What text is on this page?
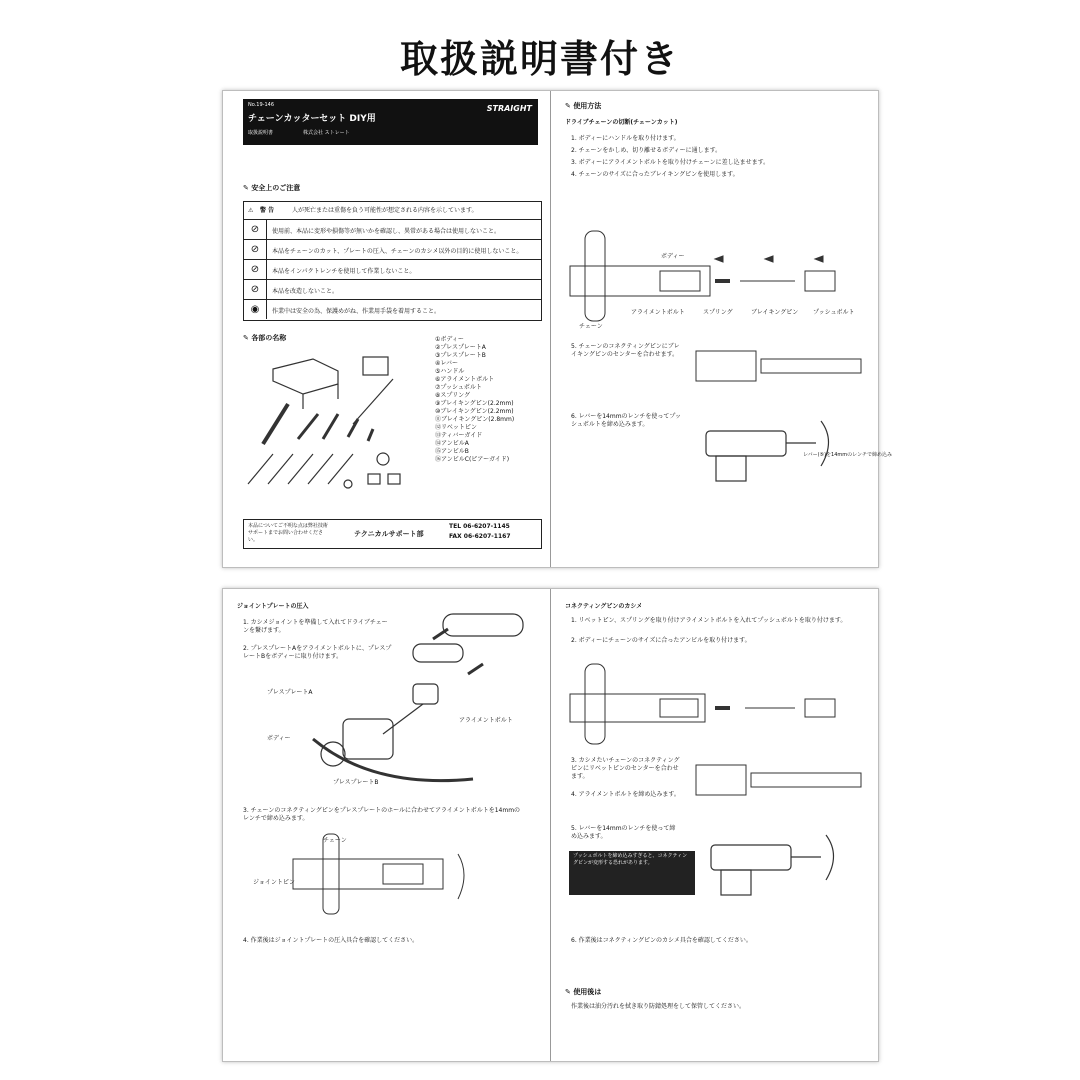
取扱説明書付き
No.19-146
チェーンカッターセット DIY用
STRAIGHT
取扱説明書	株式会社 ストレート
✎ 安全上のご注意
⚠ 警 告	人が死亡または重傷を負う可能性が想定される内容を示しています。
⊘	使用前、本品に変形や損傷等が無いかを確認し、異常がある場合は使用しないこと。
⊘	本品をチェーンのカット、プレートの圧入、チェーンのカシメ以外の目的に使用しないこと。
⊘	本品をインパクトレンチを使用して作業しないこと。
⊘	本品を改造しないこと。
◉	作業中は安全の為、保護めがね、作業用手袋を着用すること。
✎ 各部の名称	①ボディー
②プレスプレートA
③プレスプレートB
④レバー
⑤ハンドル
⑥アライメントボルト
⑦プッシュボルト
⑧スプリング
⑨ブレイキングピン(2.2mm)
⑩ブレイキングピン(2.2mm)
⑪ブレイキングピン(2.8mm)
⑫リベットピン
⑬ティバーガイド
⑭アンビルA
⑮アンビルB
⑯アンビルC(ピアーガイド)
本品についてご不明な点は弊社技術サポートまでお問い合わせください。
テクニカルサポート部
TEL 06-6207-1145
FAX 06-6207-1167
✎ 使用方法
ドライブチェーンの切断(チェーンカット)
1. ボディーにハンドルを取り付けます。
2. チェーンをかしめ、切り離せるボディーに通します。
3. ボディーにアライメントボルトを取り付けチェーンに差し込ませます。
4. チェーンのサイズに合ったブレイキングピンを使用します。
チェーン
アライメントボルト	スプリング	ブレイキングピン プッシュボルト
ボディー
5. チェーンのコネクティングピンにブレイキングピンのセンターを合わせます。
6. レバーを14mmのレンチを使ってプッシュボルトを締め込みます。
レバー(⑤)を14mmのレンチで締め込み
ジョイントプレートの圧入
1. カシメジョイントを準備して入れてドライブチェーンを繋げます。
2. プレスプレートAをアライメントボルトに、プレスプレートBをボディーに取り付けます。
プレスプレートA
アライメントボルト
ボディー
プレスプレートB
3. チェーンのコネクティングピンをプレスプレートのホールに合わせてアライメントボルトを14mmのレンチで締め込みます。
チェーン
ジョイントピン
4. 作業後はジョイントプレートの圧入具合を確認してください。
コネクティングピンのカシメ
1. リベットピン、スプリングを取り付けアライメントボルトを入れてプッシュボルトを取り付けます。
2. ボディーにチェーンのサイズに合ったアンビルを取り付けます。
3. カシメたいチェーンのコネクティングピンにリベットピンのセンターを合わせます。
4. アライメントボルトを締め込みます。
5. レバーを14mmのレンチを使って締め込みます。
プッシュボルトを締め込みすぎると、コネクティングピンが変形する恐れがあります。
6. 作業後はコネクティングピンのカシメ具合を確認してください。
✎ 使用後は
作業後は油分汚れを拭き取り防錆処理をして保管してください。
